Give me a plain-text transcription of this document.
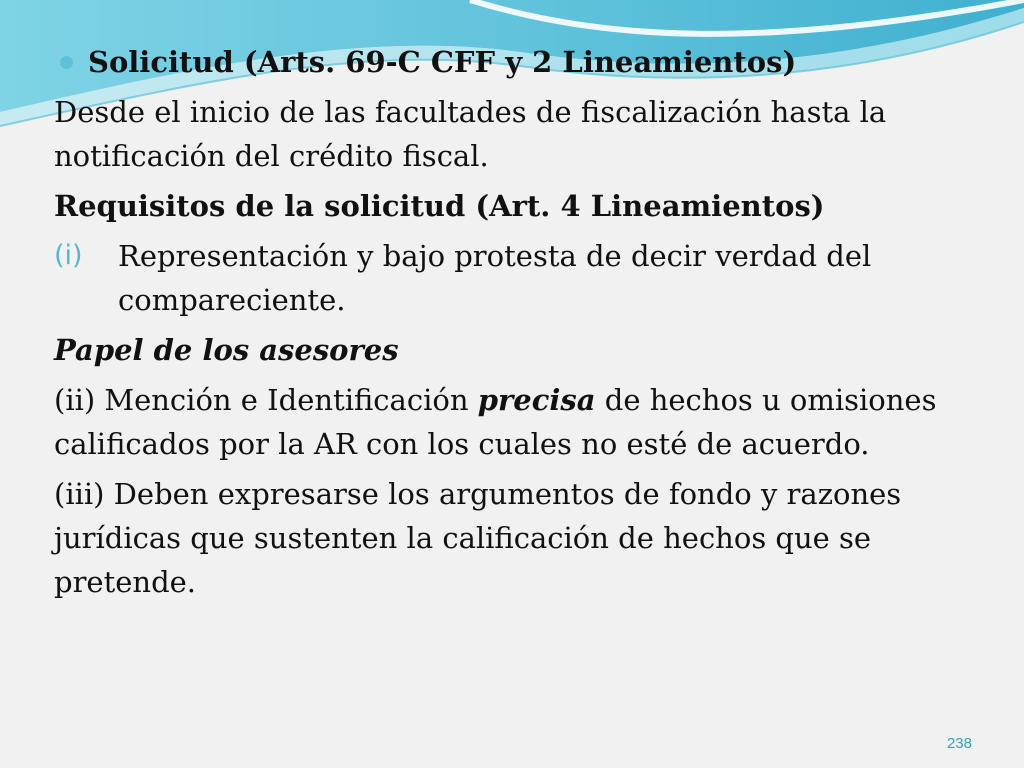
Solicitud (Arts. 69-C CFF y 2 Lineamientos)

Desde el inicio de las facultades de fiscalización hasta la notificación del crédito fiscal.

Requisitos de la solicitud (Art. 4 Lineamientos)

(i) Representación y bajo protesta de decir verdad del compareciente.

Papel de los asesores

(ii) Mención e Identificación precisa de hechos u omisiones calificados por la AR con los cuales no esté de acuerdo.

(iii) Deben expresarse los argumentos de fondo y razones jurídicas que sustenten la calificación de hechos que se pretende.

238
